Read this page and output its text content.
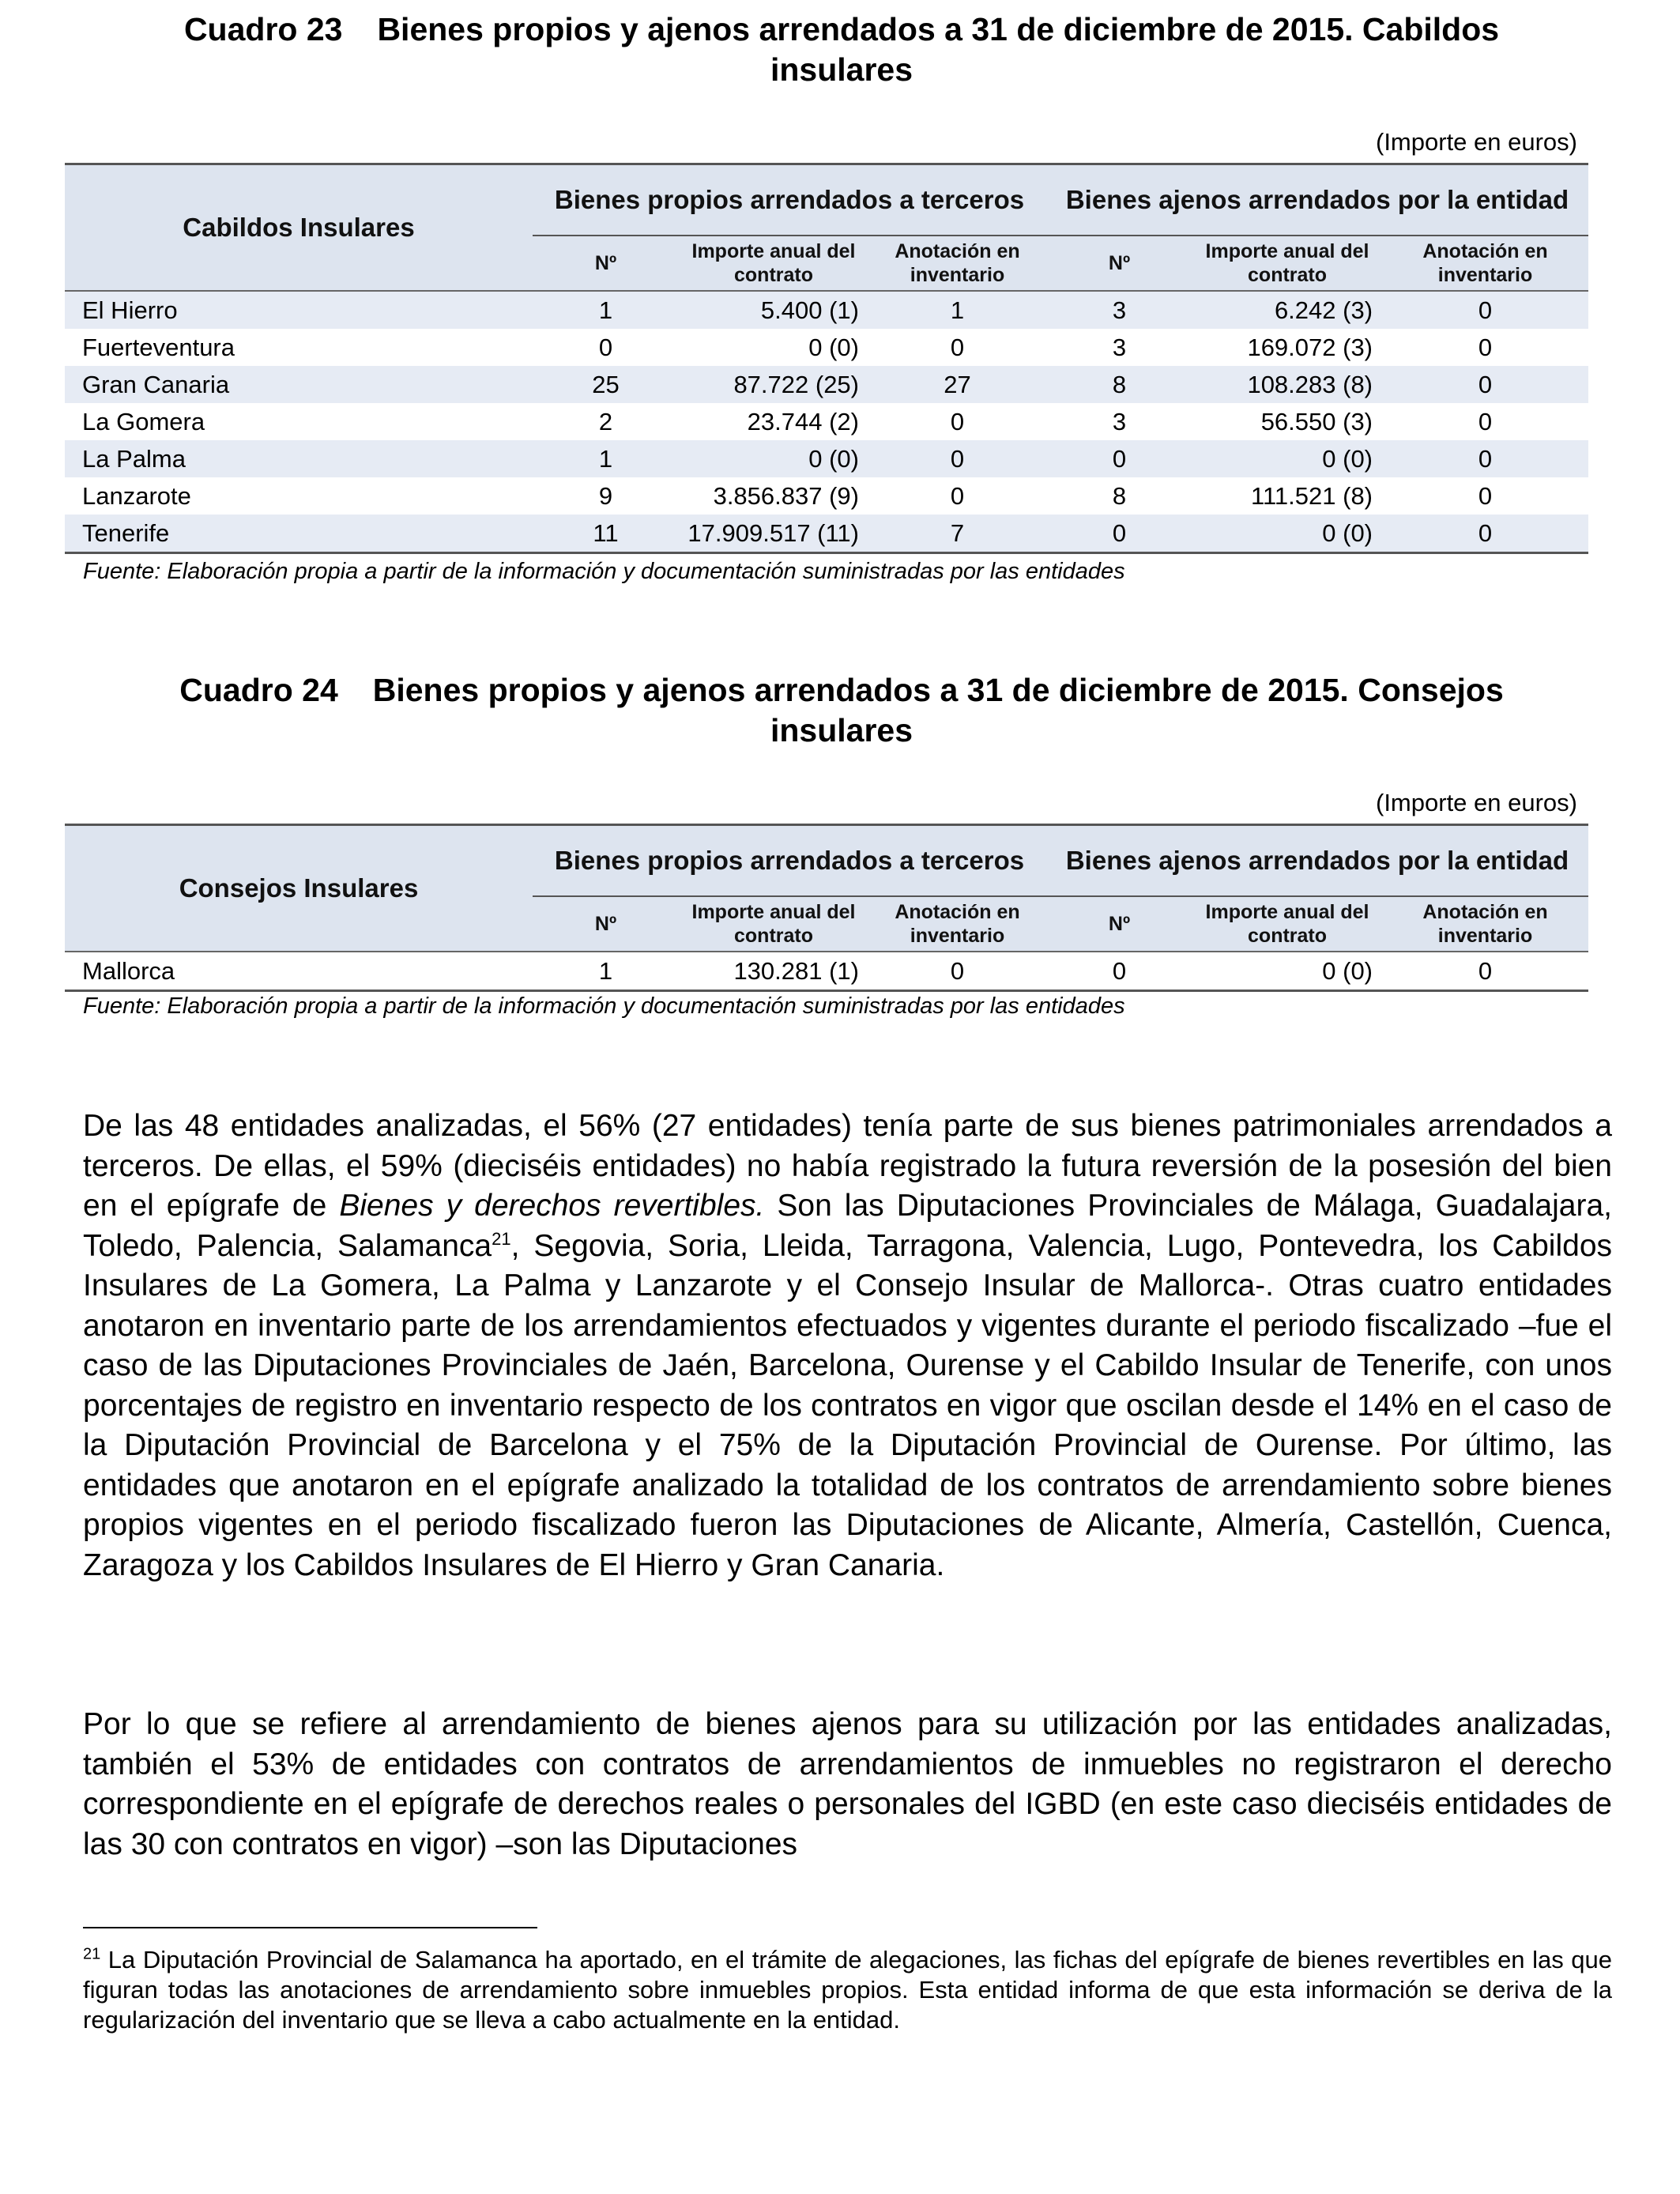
Cuadro 23 Bienes propios y ajenos arrendados a 31 de diciembre de 2015. Cabildos insulares
(Importe en euros)
Cabildos Insulares	Bienes propios arrendados a terceros			Bienes ajenos arrendados por la entidad		
	Nº	Importe anual del contrato	Anotación en inventario	Nº	Importe anual del contrato	Anotación en inventario
El Hierro	1	5.400 (1)	1	3	6.242 (3)	0
Fuerteventura	0	0 (0)	0	3	169.072 (3)	0
Gran Canaria	25	87.722 (25)	27	8	108.283 (8)	0
La Gomera	2	23.744 (2)	0	3	56.550 (3)	0
La Palma	1	0 (0)	0	0	0 (0)	0
Lanzarote	9	3.856.837 (9)	0	8	111.521 (8)	0
Tenerife	11	17.909.517 (11)	7	0	0 (0)	0
Fuente: Elaboración propia a partir de la información y documentación suministradas por las entidades
Cuadro 24 Bienes propios y ajenos arrendados a 31 de diciembre de 2015. Consejos insulares
(Importe en euros)
Consejos Insulares	Bienes propios arrendados a terceros			Bienes ajenos arrendados por la entidad		
	Nº	Importe anual del contrato	Anotación en inventario	Nº	Importe anual del contrato	Anotación en inventario
Mallorca	1	130.281 (1)	0	0	0 (0)	0
Fuente: Elaboración propia a partir de la información y documentación suministradas por las entidades

De las 48 entidades analizadas, el 56% (27 entidades) tenía parte de sus bienes patrimoniales arrendados a terceros. De ellas, el 59% (dieciséis entidades) no había registrado la futura reversión de la posesión del bien en el epígrafe de Bienes y derechos revertibles. Son las Diputaciones Provinciales de Málaga, Guadalajara, Toledo, Palencia, Salamanca$^{21}$, Segovia, Soria, Lleida, Tarragona, Valencia, Lugo, Pontevedra, los Cabildos Insulares de La Gomera, La Palma y Lanzarote y el Consejo Insular de Mallorca-. Otras cuatro entidades anotaron en inventario parte de los arrendamientos efectuados y vigentes durante el periodo fiscalizado –fue el caso de las Diputaciones Provinciales de Jaén, Barcelona, Ourense y el Cabildo Insular de Tenerife, con unos porcentajes de registro en inventario respecto de los contratos en vigor que oscilan desde el 14% en el caso de la Diputación Provincial de Barcelona y el 75% de la Diputación Provincial de Ourense. Por último, las entidades que anotaron en el epígrafe analizado la totalidad de los contratos de arrendamiento sobre bienes propios vigentes en el periodo fiscalizado fueron las Diputaciones de Alicante, Almería, Castellón, Cuenca, Zaragoza y los Cabildos Insulares de El Hierro y Gran Canaria.

Por lo que se refiere al arrendamiento de bienes ajenos para su utilización por las entidades analizadas, también el 53% de entidades con contratos de arrendamientos de inmuebles no registraron el derecho correspondiente en el epígrafe de derechos reales o personales del IGBD (en este caso dieciséis entidades de las 30 con contratos en vigor) –son las Diputaciones

$^{21}$ La Diputación Provincial de Salamanca ha aportado, en el trámite de alegaciones, las fichas del epígrafe de bienes revertibles en las que figuran todas las anotaciones de arrendamiento sobre inmuebles propios. Esta entidad informa de que esta información se deriva de la regularización del inventario que se lleva a cabo actualmente en la entidad.
